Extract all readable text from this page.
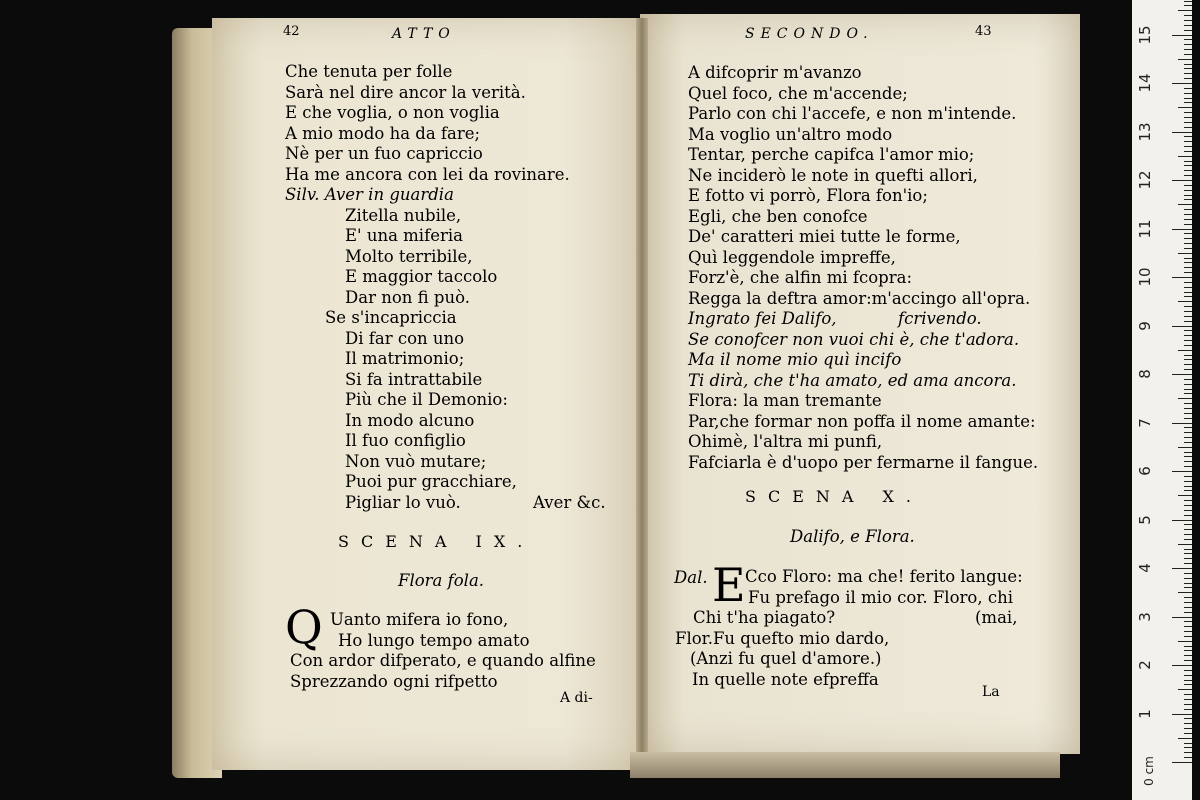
42	ATTO
Che tenuta per folle
Sarà nel dire ancor la verità.
E che voglia, o non voglia
A mio modo ha da fare;
Nè per un fuo capriccio
Ha me ancora con lei da rovinare.
Silv. Aver in guardia
Zitella nubile,
E' una miferia
Molto terribile,
E maggior taccolo
Dar non fi può.
Se s'incapriccia
Di far con uno
Il matrimonio;
Si fa intrattabile
Più che il Demonio:
In modo alcuno
Il fuo configlio
Non vuò mutare;
Puoi pur gracchiare,
Pigliar lo vuò.	Aver &c.
SCENA IX.
Flora fola.
Q Uanto mifera io fono,
Ho lungo tempo amato
Con ardor difperato, e quando alfine
Sprezzando ogni rifpetto
A di-
SECONDO.	43
A difcoprir m'avanzo
Quel foco, che m'accende;
Parlo con chi l'accefe, e non m'intende.
Ma voglio un'altro modo
Tentar, perche capifca l'amor mio;
Ne inciderò le note in quefti allori,
E fotto vi porrò, Flora fon'io;
Egli, che ben conofce
De' caratteri miei tutte le forme,
Quì leggendole impreffe,
Forz'è, che alfin mi fcopra:
Regga la deftra amor:m'accingo all'opra.
Ingrato fei Dalifo,	fcrivendo.
Se conofcer non vuoi chi è, che t'adora.
Ma il nome mio quì incifo
Ti dirà, che t'ha amato, ed ama ancora.
Flora: la man tremante
Par,che formar non poffa il nome amante:
Ohimè, l'altra mi punfi,
Fafciarla è d'uopo per fermarne il fangue.
SCENA X.
Dalifo, e Flora.
Dal. E Cco Floro: ma che! ferito langue:
Fu prefago il mio cor. Floro, chi
Chi t'ha piagato?	(mai,
Flor.Fu quefto mio dardo,
(Anzi fu quel d'amore.)
In quelle note efpreffa
La
15
14
13
12
11
10
9
8
7
6
5
4
3
2
1
0 cm
